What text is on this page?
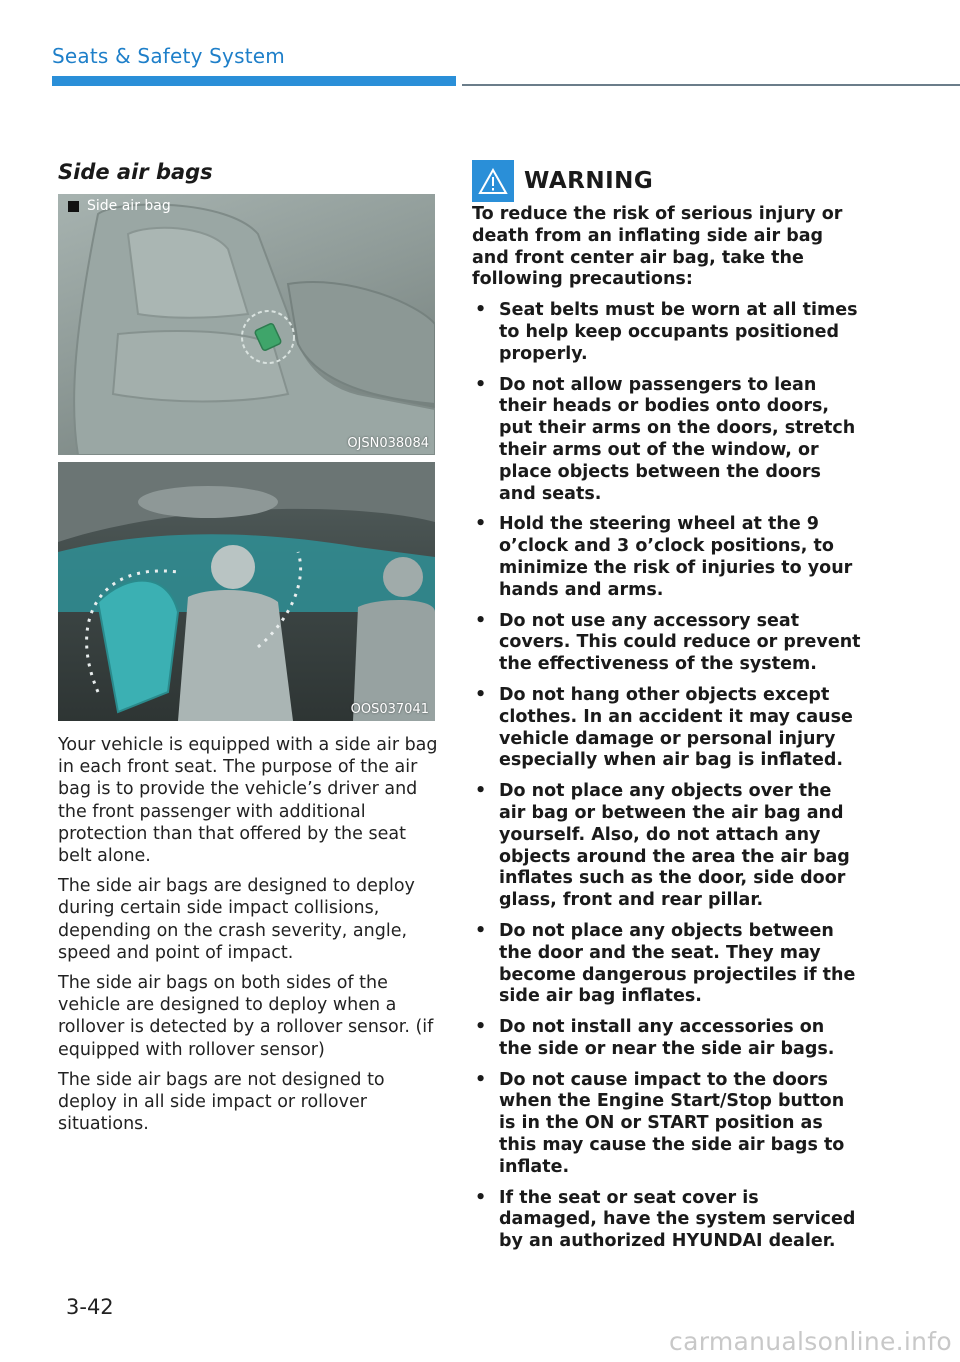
Seats & Safety System
Side air bags
Side air bag
OJSN038084
OOS037041

Your vehicle is equipped with a side air bag in each front seat. The purpose of the air bag is to provide the vehicle’s driver and the front passenger with additional protection than that offered by the seat belt alone.

The side air bags are designed to deploy during certain side impact collisions, depending on the crash severity, angle, speed and point of impact.

The side air bags on both sides of the vehicle are designed to deploy when a rollover is detected by a rollover sensor. (if equipped with rollover sensor)

The side air bags are not designed to deploy in all side impact or rollover situations.

WARNING

To reduce the risk of serious injury or death from an inflating side air bag and front center air bag, take the following precautions:

• Seat belts must be worn at all times to help keep occupants positioned properly.
• Do not allow passengers to lean their heads or bodies onto doors, put their arms on the doors, stretch their arms out of the window, or place objects between the doors and seats.
• Hold the steering wheel at the 9 o’clock and 3 o’clock positions, to minimize the risk of injuries to your hands and arms.
• Do not use any accessory seat covers. This could reduce or prevent the effectiveness of the system.
• Do not hang other objects except clothes. In an accident it may cause vehicle damage or personal injury especially when air bag is inflated.
• Do not place any objects over the air bag or between the air bag and yourself. Also, do not attach any objects around the area the air bag inflates such as the door, side door glass, front and rear pillar.
• Do not place any objects between the door and the seat. They may become dangerous projectiles if the side air bag inflates.
• Do not install any accessories on the side or near the side air bags.
• Do not cause impact to the doors when the Engine Start/Stop button is in the ON or START position as this may cause the side air bags to inflate.
• If the seat or seat cover is damaged, have the system serviced by an authorized HYUNDAI dealer.
3-42
carmanualsonline.info
